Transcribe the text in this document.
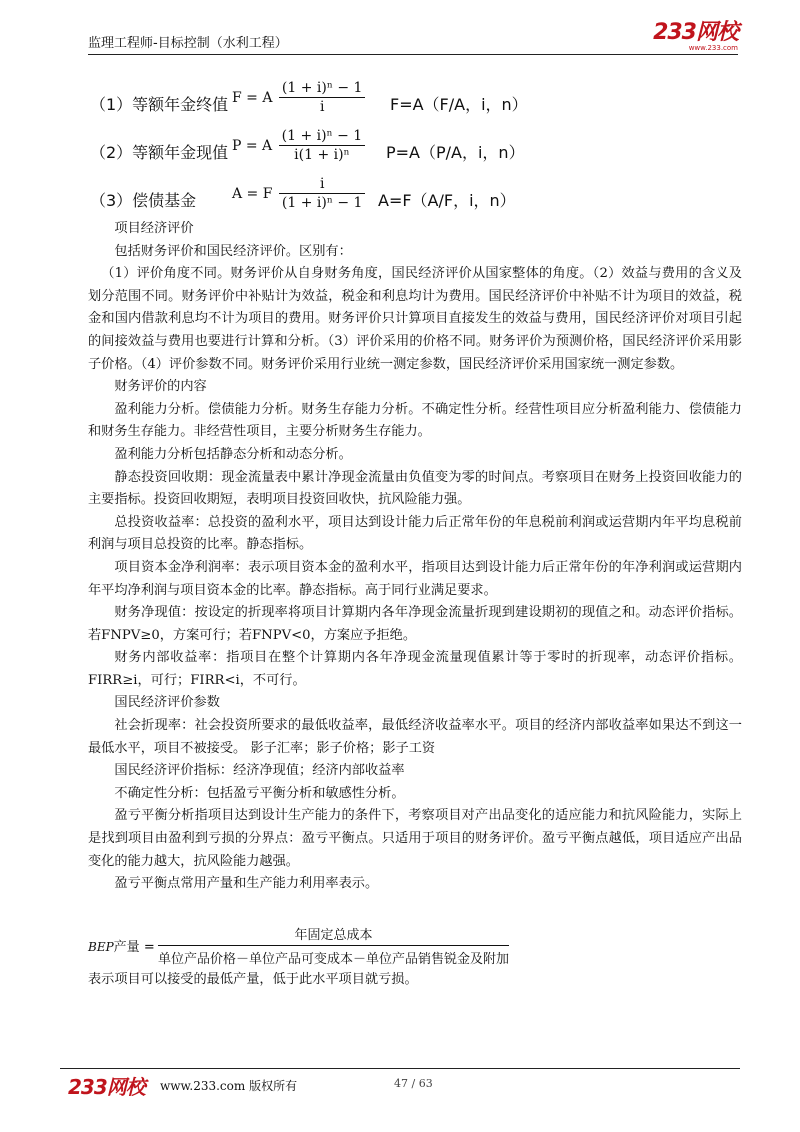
监理工程师-目标控制（水利工程）	233网校
www.233.com
（1）等额年金终值 F = A $\frac{\text{(1 + i)ⁿ − 1}}{i} F=A(F/A$，i，n）
（2）等额年金现值 P = A $\frac{\text{(1 + i)ⁿ − 1}}{\text{i(1 + i)ⁿ}} P=A(P/A$，i，n）
（3）偿债基金	A = F $\frac{i}{\text{(1 + i)ⁿ − 1}} A=F(A/F$，i，n）

项目经济评价

包括财务评价和国民经济评价。区别有：

（1）评价角度不同。财务评价从自身财务角度，国民经济评价从国家整体的角度。（2）效益与费用的含义及划分范围不同。财务评价中补贴计为效益，税金和利息均计为费用。国民经济评价中补贴不计为项目的效益，税金和国内借款利息均不计为项目的费用。财务评价只计算项目直接发生的效益与费用，国民经济评价对项目引起的间接效益与费用也要进行计算和分析。（3）评价采用的价格不同。财务评价为预测价格，国民经济评价采用影子价格。（4）评价参数不同。财务评价采用行业统一测定参数，国民经济评价采用国家统一测定参数。

财务评价的内容

盈利能力分析。偿债能力分析。财务生存能力分析。不确定性分析。经营性项目应分析盈利能力、偿债能力和财务生存能力。非经营性项目，主要分析财务生存能力。

盈利能力分析包括静态分析和动态分析。

静态投资回收期：现金流量表中累计净现金流量由负值变为零的时间点。考察项目在财务上投资回收能力的主要指标。投资回收期短，表明项目投资回收快，抗风险能力强。

总投资收益率：总投资的盈利水平，项目达到设计能力后正常年份的年息税前利润或运营期内年平均息税前利润与项目总投资的比率。静态指标。

项目资本金净利润率：表示项目资本金的盈利水平，指项目达到设计能力后正常年份的年净利润或运营期内年平均净利润与项目资本金的比率。静态指标。高于同行业满足要求。

财务净现值：按设定的折现率将项目计算期内各年净现金流量折现到建设期初的现值之和。动态评价指标。若FNPV≥0，方案可行；若FNPV<0，方案应予拒绝。

财务内部收益率：指项目在整个计算期内各年净现金流量现值累计等于零时的折现率，动态评价指标。FIRR≥i，可行；FIRR<i，不可行。

国民经济评价参数

社会折现率：社会投资所要求的最低收益率，最低经济收益率水平。项目的经济内部收益率如果达不到这一最低水平，项目不被接受。 影子汇率；影子价格；影子工资

国民经济评价指标：经济净现值；经济内部收益率

不确定性分析：包括盈亏平衡分析和敏感性分析。

盈亏平衡分析指项目达到设计生产能力的条件下，考察项目对产出品变化的适应能力和抗风险能力，实际上是找到项目由盈利到亏损的分界点：盈亏平衡点。只适用于项目的财务评价。盈亏平衡点越低，项目适应产出品变化的能力越大，抗风险能力越强。

盈亏平衡点常用产量和生产能力利用率表示。

BEP产量 =
年固定总成本
单位产品价格－单位产品可变成本－单位产品销售锐金及附加
表示项目可以接受的最低产量，低于此水平项目就亏损。
233网校 www.233.com 版权所有	47 / 63
